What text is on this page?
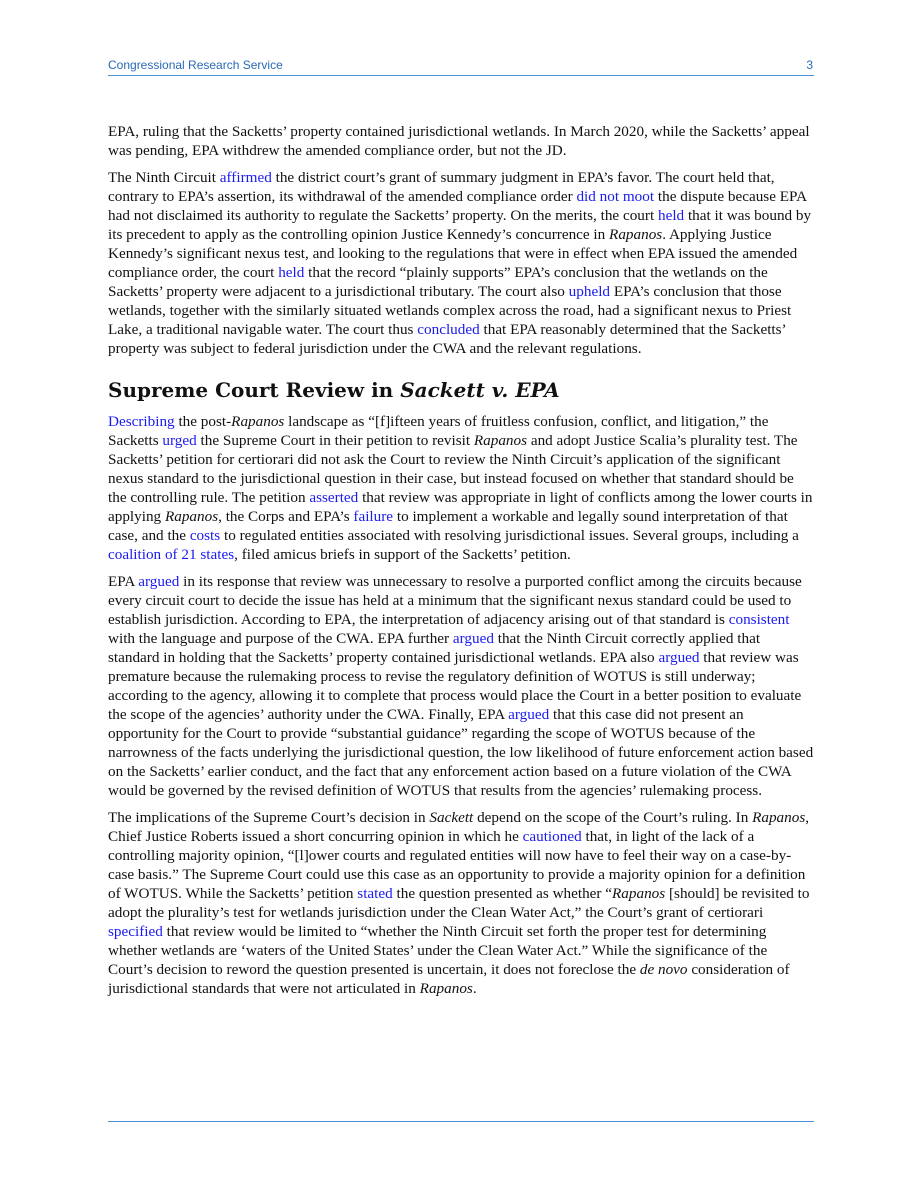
Congressional Research Service	3

EPA, ruling that the Sacketts’ property contained jurisdictional wetlands. In March 2020, while the Sacketts’ appeal was pending, EPA withdrew the amended compliance order, but not the JD.

The Ninth Circuit affirmed the district court’s grant of summary judgment in EPA’s favor. The court held that, contrary to EPA’s assertion, its withdrawal of the amended compliance order did not moot the dispute because EPA had not disclaimed its authority to regulate the Sacketts’ property. On the merits, the court held that it was bound by its precedent to apply as the controlling opinion Justice Kennedy’s concurrence in Rapanos. Applying Justice Kennedy’s significant nexus test, and looking to the regulations that were in effect when EPA issued the amended compliance order, the court held that the record “plainly supports” EPA’s conclusion that the wetlands on the Sacketts’ property were adjacent to a jurisdictional tributary. The court also upheld EPA’s conclusion that those wetlands, together with the similarly situated wetlands complex across the road, had a significant nexus to Priest Lake, a traditional navigable water. The court thus concluded that EPA reasonably determined that the Sacketts’ property was subject to federal jurisdiction under the CWA and the relevant regulations.

Supreme Court Review in Sackett v. EPA

Describing the post-Rapanos landscape as “[f]ifteen years of fruitless confusion, conflict, and litigation,” the Sacketts urged the Supreme Court in their petition to revisit Rapanos and adopt Justice Scalia’s plurality test. The Sacketts’ petition for certiorari did not ask the Court to review the Ninth Circuit’s application of the significant nexus standard to the jurisdictional question in their case, but instead focused on whether that standard should be the controlling rule. The petition asserted that review was appropriate in light of conflicts among the lower courts in applying Rapanos, the Corps and EPA’s failure to implement a workable and legally sound interpretation of that case, and the costs to regulated entities associated with resolving jurisdictional issues. Several groups, including a coalition of 21 states, filed amicus briefs in support of the Sacketts’ petition.

EPA argued in its response that review was unnecessary to resolve a purported conflict among the circuits because every circuit court to decide the issue has held at a minimum that the significant nexus standard could be used to establish jurisdiction. According to EPA, the interpretation of adjacency arising out of that standard is consistent with the language and purpose of the CWA. EPA further argued that the Ninth Circuit correctly applied that standard in holding that the Sacketts’ property contained jurisdictional wetlands. EPA also argued that review was premature because the rulemaking process to revise the regulatory definition of WOTUS is still underway; according to the agency, allowing it to complete that process would place the Court in a better position to evaluate the scope of the agencies’ authority under the CWA. Finally, EPA argued that this case did not present an opportunity for the Court to provide “substantial guidance” regarding the scope of WOTUS because of the narrowness of the facts underlying the jurisdictional question, the low likelihood of future enforcement action based on the Sacketts’ earlier conduct, and the fact that any enforcement action based on a future violation of the CWA would be governed by the revised definition of WOTUS that results from the agencies’ rulemaking process.

The implications of the Supreme Court’s decision in Sackett depend on the scope of the Court’s ruling. In Rapanos, Chief Justice Roberts issued a short concurring opinion in which he cautioned that, in light of the lack of a controlling majority opinion, “[l]ower courts and regulated entities will now have to feel their way on a case-by-case basis.” The Supreme Court could use this case as an opportunity to provide a majority opinion for a definition of WOTUS. While the Sacketts’ petition stated the question presented as whether “Rapanos [should] be revisited to adopt the plurality’s test for wetlands jurisdiction under the Clean Water Act,” the Court’s grant of certiorari specified that review would be limited to “whether the Ninth Circuit set forth the proper test for determining whether wetlands are ‘waters of the United States’ under the Clean Water Act.” While the significance of the Court’s decision to reword the question presented is uncertain, it does not foreclose the de novo consideration of jurisdictional standards that were not articulated in Rapanos.
